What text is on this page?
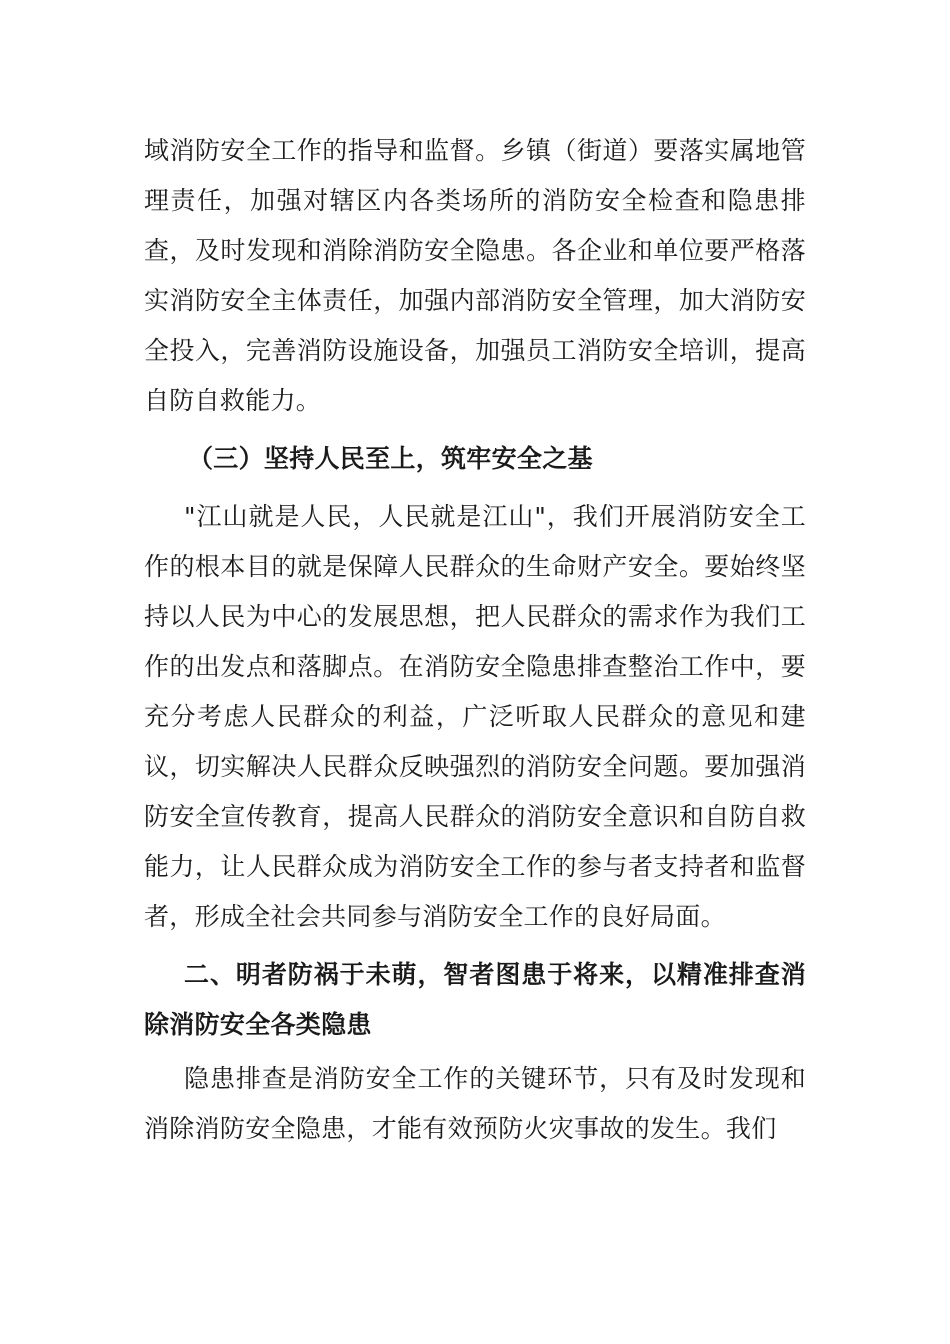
域消防安全工作的指导和监督。乡镇（街道）要落实属地管理责任，加强对辖区内各类场所的消防安全检查和隐患排查，及时发现和消除消防安全隐患。各企业和单位要严格落实消防安全主体责任，加强内部消防安全管理，加大消防安全投入，完善消防设施设备，加强员工消防安全培训，提高自防自救能力。

（三）坚持人民至上，筑牢安全之基

"江山就是人民，人民就是江山"，我们开展消防安全工作的根本目的就是保障人民群众的生命财产安全。要始终坚持以人民为中心的发展思想，把人民群众的需求作为我们工作的出发点和落脚点。在消防安全隐患排查整治工作中，要充分考虑人民群众的利益，广泛听取人民群众的意见和建议，切实解决人民群众反映强烈的消防安全问题。要加强消防安全宣传教育，提高人民群众的消防安全意识和自防自救能力，让人民群众成为消防安全工作的参与者支持者和监督者，形成全社会共同参与消防安全工作的良好局面。

二、明者防祸于未萌，智者图患于将来，以精准排查消除消防安全各类隐患

隐患排查是消防安全工作的关键环节，只有及时发现和消除消防安全隐患，才能有效预防火灾事故的发生。我们
